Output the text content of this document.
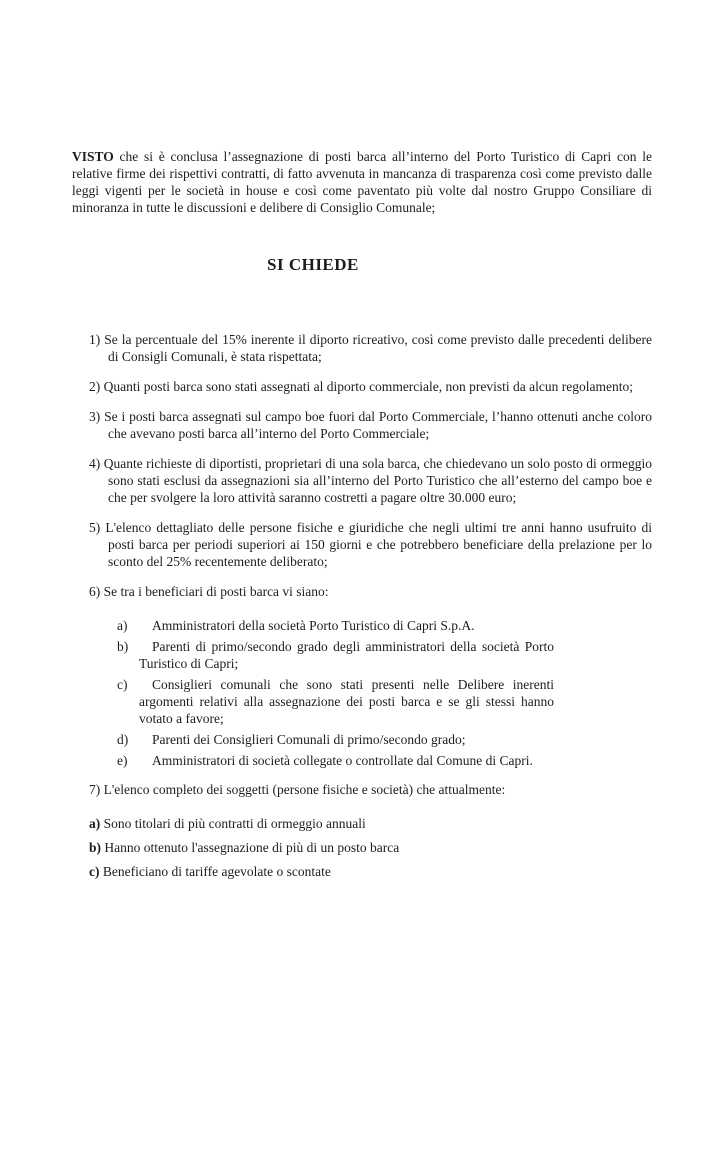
VISTO che si è conclusa l’assegnazione di posti barca all’interno del Porto Turistico di Capri con le relative firme dei rispettivi contratti, di fatto avvenuta in mancanza di trasparenza così come previsto dalle leggi vigenti per le società in house e così come paventato più volte dal nostro Gruppo Consiliare di minoranza in tutte le discussioni e delibere di Consiglio Comunale;
SI CHIEDE
1) Se la percentuale del 15% inerente il diporto ricreativo, così come previsto dalle precedenti delibere di Consigli Comunali, è stata rispettata;
2) Quanti posti barca sono stati assegnati al diporto commerciale, non previsti da alcun regolamento;
3) Se i posti barca assegnati sul campo boe fuori dal Porto Commerciale, l’hanno ottenuti anche coloro che avevano posti barca all’interno del Porto Commerciale;
4) Quante richieste di diportisti, proprietari di una sola barca, che chiedevano un solo posto di ormeggio sono stati esclusi da assegnazioni sia all’interno del Porto Turistico che all’esterno del campo boe e che per svolgere la loro attività saranno costretti a pagare oltre 30.000 euro;
5) L'elenco dettagliato delle persone fisiche e giuridiche che negli ultimi tre anni hanno usufruito di posti barca per periodi superiori ai 150 giorni e che potrebbero beneficiare della prelazione per lo sconto del 25% recentemente deliberato;
6) Se tra i beneficiari di posti barca vi siano:
a) Amministratori della società Porto Turistico di Capri S.p.A.
b) Parenti di primo/secondo grado degli amministratori della società Porto Turistico di Capri;
c) Consiglieri comunali che sono stati presenti nelle Delibere inerenti argomenti relativi alla assegnazione dei posti barca e se gli stessi hanno votato a favore;
d) Parenti dei Consiglieri Comunali di primo/secondo grado;
e) Amministratori di società collegate o controllate dal Comune di Capri.
7) L'elenco completo dei soggetti (persone fisiche e società) che attualmente:
a) Sono titolari di più contratti di ormeggio annuali
b) Hanno ottenuto l'assegnazione di più di un posto barca
c) Beneficiano di tariffe agevolate o scontate
